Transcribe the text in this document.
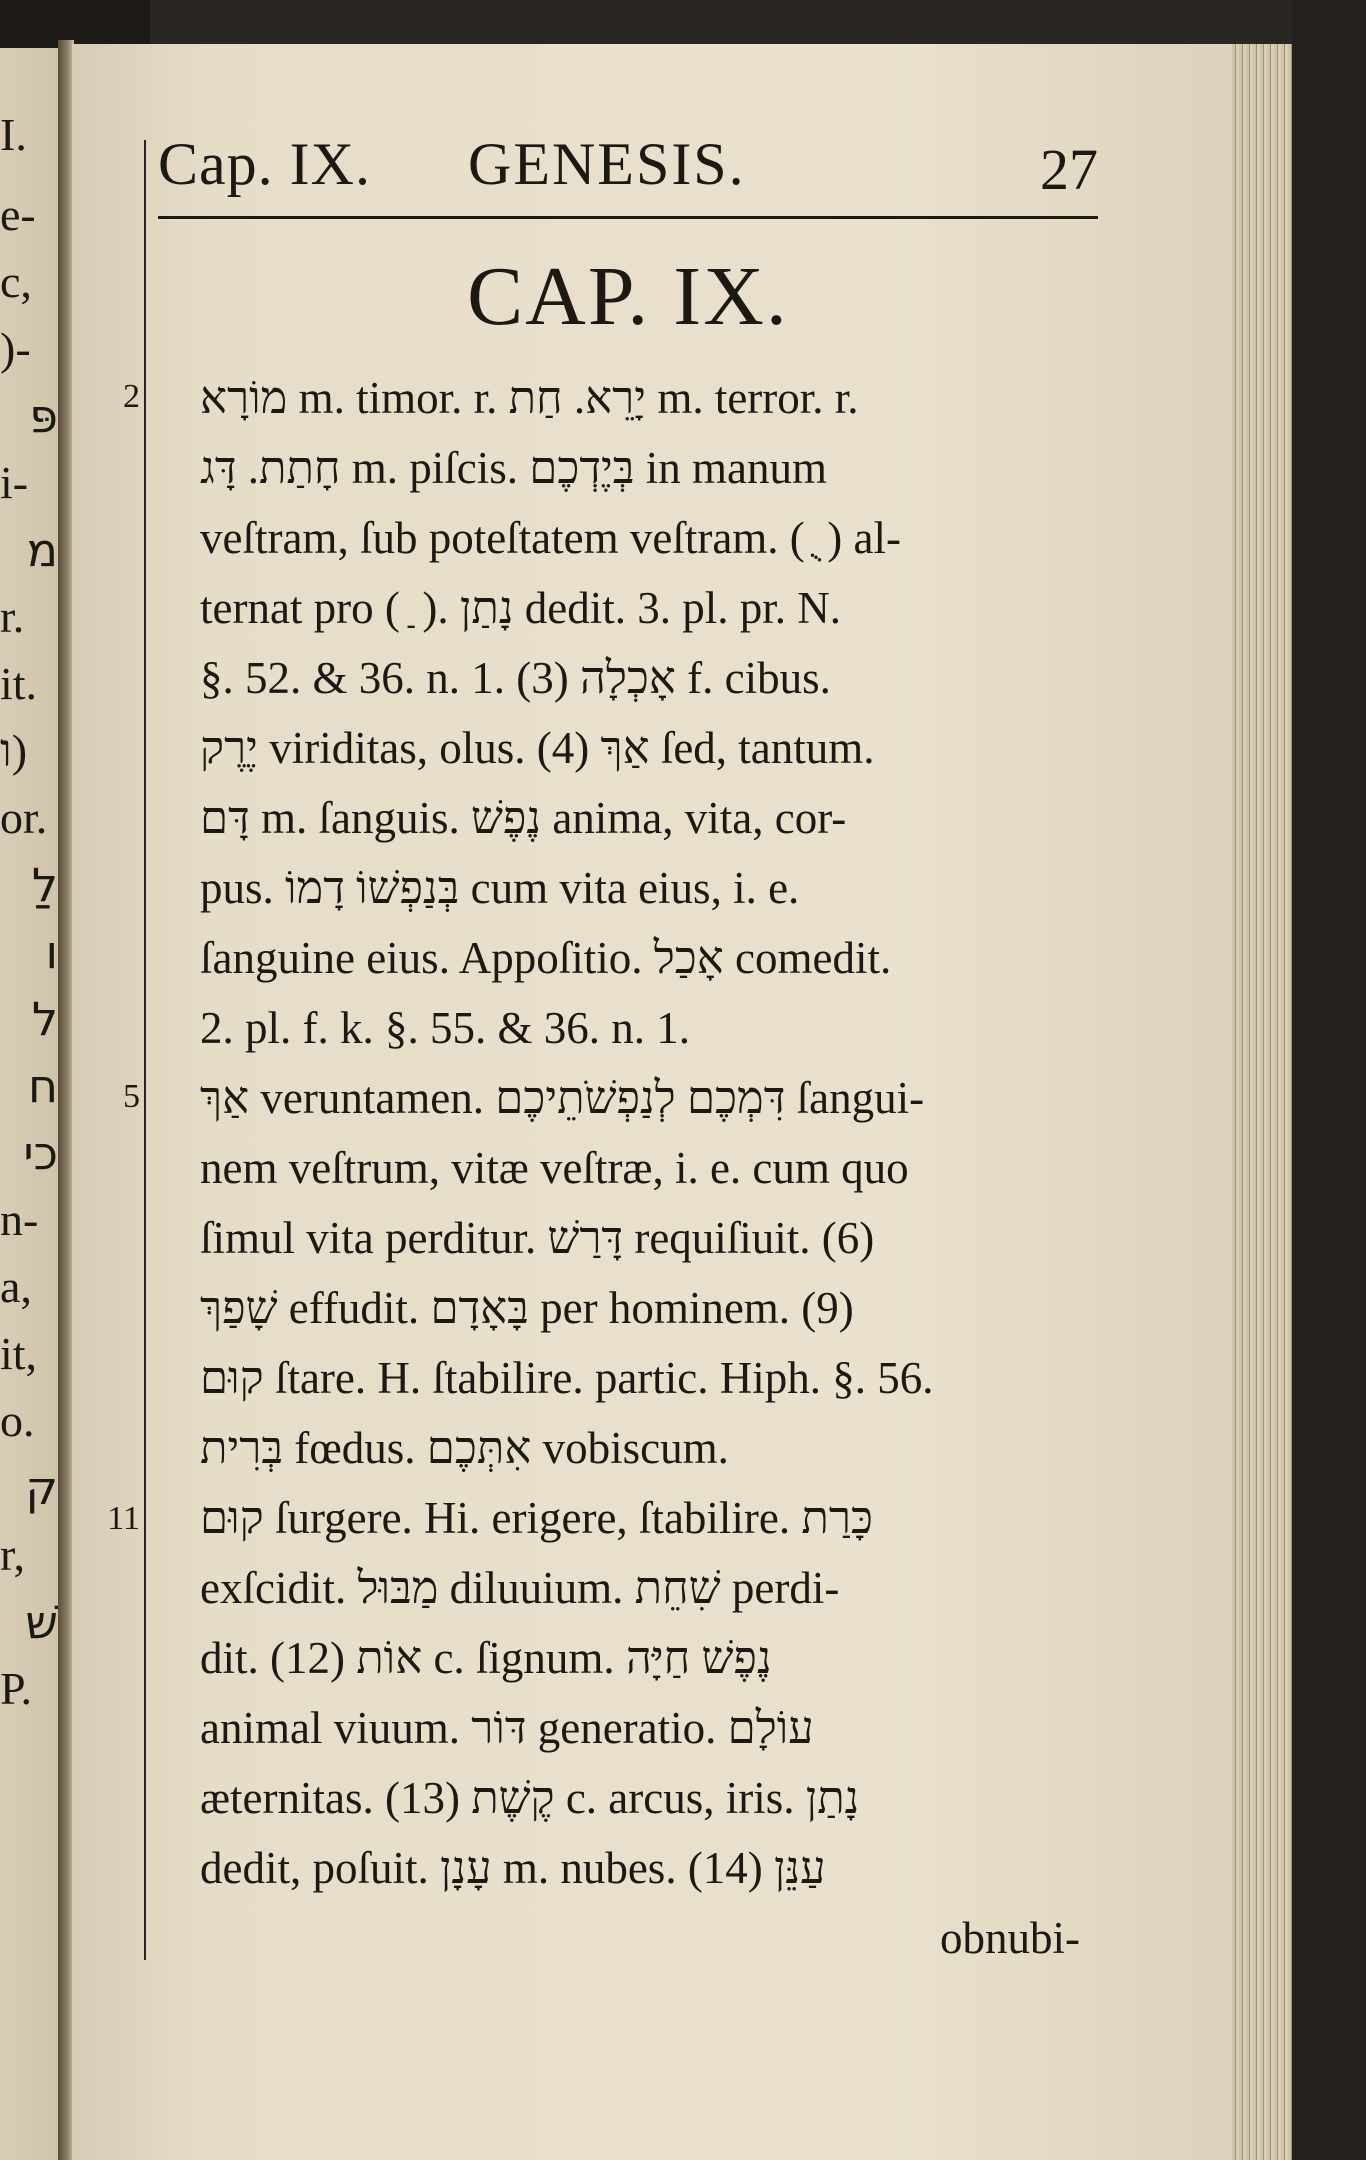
I.
e-
c,
)-
פּ
i-
מ
r.
it.
ו)
or.
לַ
ו
ל
ח
כי
n-
a,
it,
o.
ק
r,
שׁ
P.
Cap. IX. GENESIS.	27
CAP. IX.
2
5
11
מוֹרָא m. timor. r. יָרֵא. חַת m. terror. r.
חָתַת. דָּג m. piſcis. בְּיֶדְכֶם in manum
veſtram, ſub poteſtatem veſtram. ( ֻ ) al-
ternat pro ( ַ ). נָתַן dedit. 3. pl. pr. N.
§. 52. & 36. n. 1. (3) אָכְלָה f. cibus.
יֶרֶק viriditas, olus. (4) אַךְ ſed, tantum.
דָּם m. ſanguis. נֶפֶשׁ anima, vita, cor-
pus. בְּנַפְשׁוֹ דָמוֹ cum vita eius, i. e.
ſanguine eius. Appoſitio. אָכַל comedit.
2. pl. f. k. §. 55. & 36. n. 1.
אַךְ veruntamen. דִּמְכֶם לְנַפְשֹׁתֵיכֶם ſangui-
nem veſtrum, vitæ veſtræ, i. e. cum quo
ſimul vita perditur. דָּרַשׁ requiſiuit. (6)
שָׁפַךְ effudit. בָּאָדָם per hominem. (9)
קוּם ſtare. H. ſtabilire. partic. Hiph. §. 56.
בְּרִית fœdus. אִתְּכֶם vobiscum.
קוּם ſurgere. Hi. erigere, ſtabilire. כָּרַת
exſcidit. מַבּוּל diluuium. שִׁחֵת perdi-
dit. (12) אוֹת c. ſignum. נֶפֶשׁ חַיָּה
animal viuum. דּוֹר generatio. עוֹלָם
æternitas. (13) קֶשֶׁת c. arcus, iris. נָתַן
dedit, poſuit. עָנָן m. nubes. (14) עַנֵּן
obnubi-
